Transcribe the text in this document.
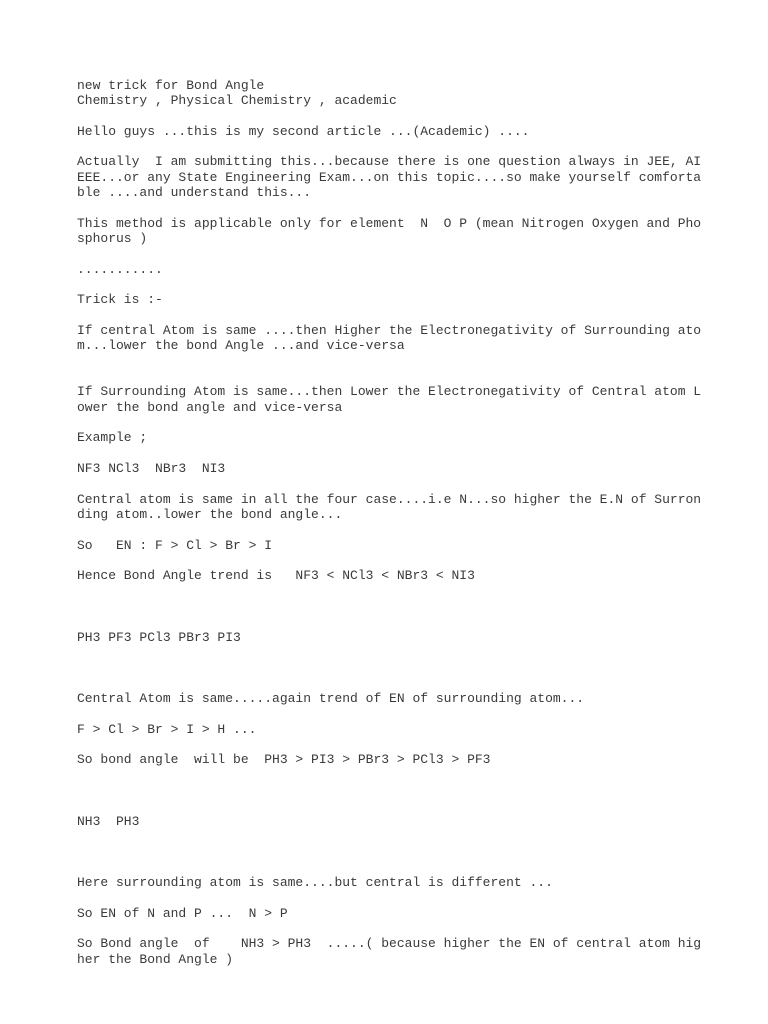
new trick for Bond Angle

Chemistry , Physical Chemistry , academic

Hello guys ...this is my second article ...(Academic) ....

Actually  I am submitting this...because there is one question always in JEE, AI

EEE...or any State Engineering Exam...on this topic....so make yourself comforta

ble ....and understand this...

This method is applicable only for element  N  O P (mean Nitrogen Oxygen and Pho

sphorus )

...........

Trick is :-

If central Atom is same ....then Higher the Electronegativity of Surrounding ato

m...lower the bond Angle ...and vice-versa

If Surrounding Atom is same...then Lower the Electronegativity of Central atom L

ower the bond angle and vice-versa

Example ;

NF3 NCl3  NBr3  NI3

Central atom is same in all the four case....i.e N...so higher the E.N of Surron

ding atom..lower the bond angle...

So   EN : F > Cl > Br > I

Hence Bond Angle trend is   NF3 < NCl3 < NBr3 < NI3

PH3 PF3 PCl3 PBr3 PI3

Central Atom is same.....again trend of EN of surrounding atom...

F > Cl > Br > I > H ...

So bond angle  will be  PH3 > PI3 > PBr3 > PCl3 > PF3

NH3  PH3

Here surrounding atom is same....but central is different ...

So EN of N and P ...  N > P

So Bond angle  of    NH3 > PH3  .....( because higher the EN of central atom hig

her the Bond Angle )
